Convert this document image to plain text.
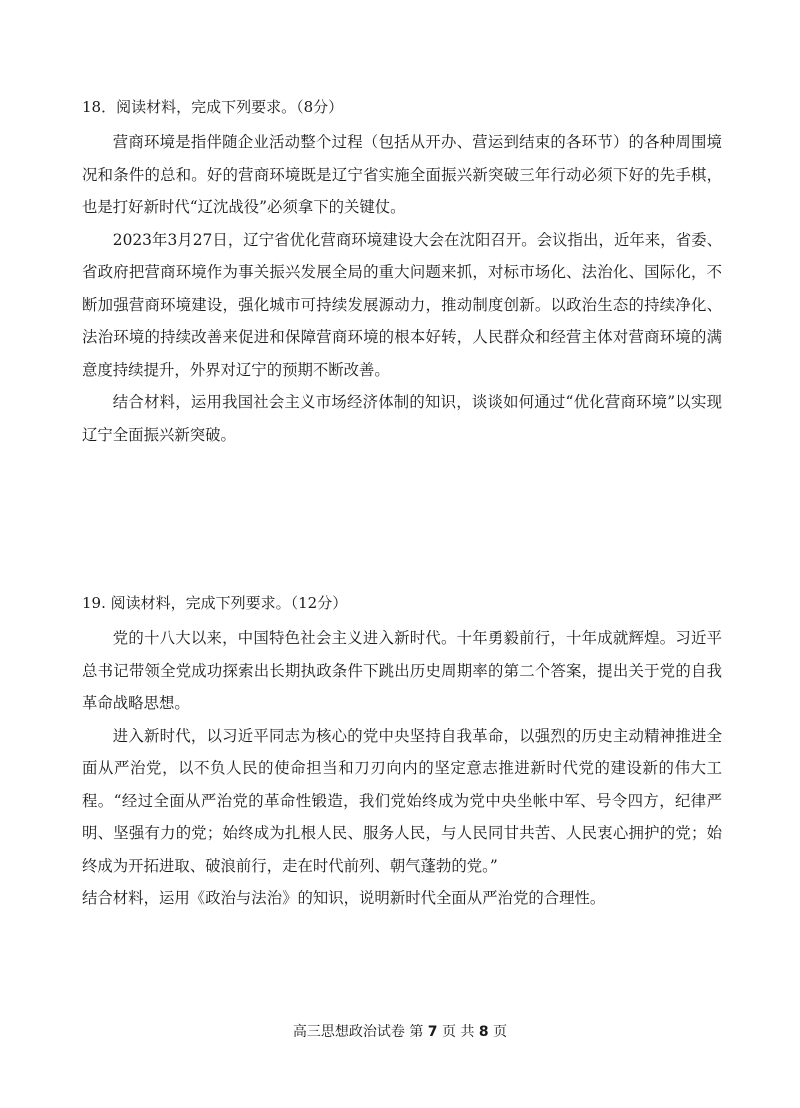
18．阅读材料，完成下列要求。（8分）

营商环境是指伴随企业活动整个过程（包括从开办、营运到结束的各环节）的各种周围境况和条件的总和。好的营商环境既是辽宁省实施全面振兴新突破三年行动必须下好的先手棋，也是打好新时代“辽沈战役”必须拿下的关键仗。

2023年3月27日，辽宁省优化营商环境建设大会在沈阳召开。会议指出，近年来，省委、省政府把营商环境作为事关振兴发展全局的重大问题来抓，对标市场化、法治化、国际化，不断加强营商环境建设，强化城市可持续发展源动力，推动制度创新。以政治生态的持续净化、法治环境的持续改善来促进和保障营商环境的根本好转，人民群众和经营主体对营商环境的满意度持续提升，外界对辽宁的预期不断改善。

结合材料，运用我国社会主义市场经济体制的知识，谈谈如何通过“优化营商环境”以实现辽宁全面振兴新突破。

19. 阅读材料，完成下列要求。（12分）

党的十八大以来，中国特色社会主义进入新时代。十年勇毅前行，十年成就辉煌。习近平总书记带领全党成功探索出长期执政条件下跳出历史周期率的第二个答案，提出关于党的自我革命战略思想。

进入新时代，以习近平同志为核心的党中央坚持自我革命，以强烈的历史主动精神推进全面从严治党，以不负人民的使命担当和刀刃向内的坚定意志推进新时代党的建设新的伟大工程。“经过全面从严治党的革命性锻造，我们党始终成为党中央坐帐中军、号令四方，纪律严明、坚强有力的党；始终成为扎根人民、服务人民，与人民同甘共苦、人民衷心拥护的党；始终成为开拓进取、破浪前行，走在时代前列、朝气蓬勃的党。”

结合材料，运用《政治与法治》的知识，说明新时代全面从严治党的合理性。

高三思想政治试卷 第 7 页 共 8 页
